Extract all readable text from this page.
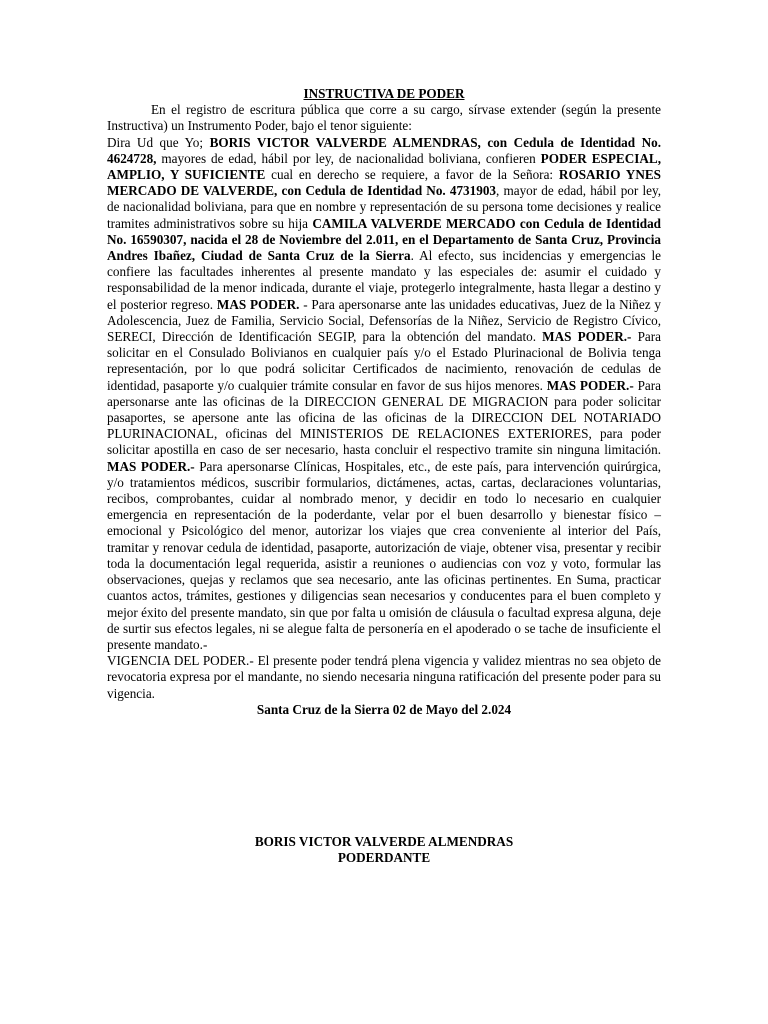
INSTRUCTIVA DE PODER

En el registro de escritura pública que corre a su cargo, sírvase extender (según la presente Instructiva) un Instrumento Poder, bajo el tenor siguiente:

Dira Ud que Yo; BORIS VICTOR VALVERDE ALMENDRAS, con Cedula de Identidad No. 4624728, mayores de edad, hábil por ley, de nacionalidad boliviana, confieren PODER ESPECIAL, AMPLIO, Y SUFICIENTE cual en derecho se requiere, a favor de la Señora: ROSARIO YNES MERCADO DE VALVERDE, con Cedula de Identidad No. 4731903, mayor de edad, hábil por ley, de nacionalidad boliviana, para que en nombre y representación de su persona tome decisiones y realice tramites administrativos sobre su hija CAMILA VALVERDE MERCADO con Cedula de Identidad No. 16590307, nacida el 28 de Noviembre del 2.011, en el Departamento de Santa Cruz, Provincia Andres Ibañez, Ciudad de Santa Cruz de la Sierra. Al efecto, sus incidencias y emergencias le confiere las facultades inherentes al presente mandato y las especiales de: asumir el cuidado y responsabilidad de la menor indicada, durante el viaje, protegerlo integralmente, hasta llegar a destino y el posterior regreso. MAS PODER. - Para apersonarse ante las unidades educativas, Juez de la Niñez y Adolescencia, Juez de Familia, Servicio Social, Defensorías de la Niñez, Servicio de Registro Cívico, SERECI, Dirección de Identificación SEGIP, para la obtención del mandato. MAS PODER.- Para solicitar en el Consulado Bolivianos en cualquier país y/o el Estado Plurinacional de Bolivia tenga representación, por lo que podrá solicitar Certificados de nacimiento, renovación de cedulas de identidad, pasaporte y/o cualquier trámite consular en favor de sus hijos menores. MAS PODER.- Para apersonarse ante las oficinas de la DIRECCION GENERAL DE MIGRACION para poder solicitar pasaportes, se apersone ante las oficina de las oficinas de la DIRECCION DEL NOTARIADO PLURINACIONAL, oficinas del MINISTERIOS DE RELACIONES EXTERIORES, para poder solicitar apostilla en caso de ser necesario, hasta concluir el respectivo tramite sin ninguna limitación. MAS PODER.- Para apersonarse Clínicas, Hospitales, etc., de este país, para intervención quirúrgica, y/o tratamientos médicos, suscribir formularios, dictámenes, actas, cartas, declaraciones voluntarias, recibos, comprobantes, cuidar al nombrado menor, y decidir en todo lo necesario en cualquier emergencia en representación de la poderdante, velar por el buen desarrollo y bienestar físico – emocional y Psicológico del menor, autorizar los viajes que crea conveniente al interior del País, tramitar y renovar cedula de identidad, pasaporte, autorización de viaje, obtener visa, presentar y recibir toda la documentación legal requerida, asistir a reuniones o audiencias con voz y voto, formular las observaciones, quejas y reclamos que sea necesario, ante las oficinas pertinentes. En Suma, practicar cuantos actos, trámites, gestiones y diligencias sean necesarios y conducentes para el buen completo y mejor éxito del presente mandato, sin que por falta u omisión de cláusula o facultad expresa alguna, deje de surtir sus efectos legales, ni se alegue falta de personería en el apoderado o se tache de insuficiente el presente mandato.-

VIGENCIA DEL PODER.- El presente poder tendrá plena vigencia y validez mientras no sea objeto de revocatoria expresa por el mandante, no siendo necesaria ninguna ratificación del presente poder para su vigencia.

Santa Cruz de la Sierra 02 de Mayo del 2.024
BORIS VICTOR VALVERDE ALMENDRAS
PODERDANTE
